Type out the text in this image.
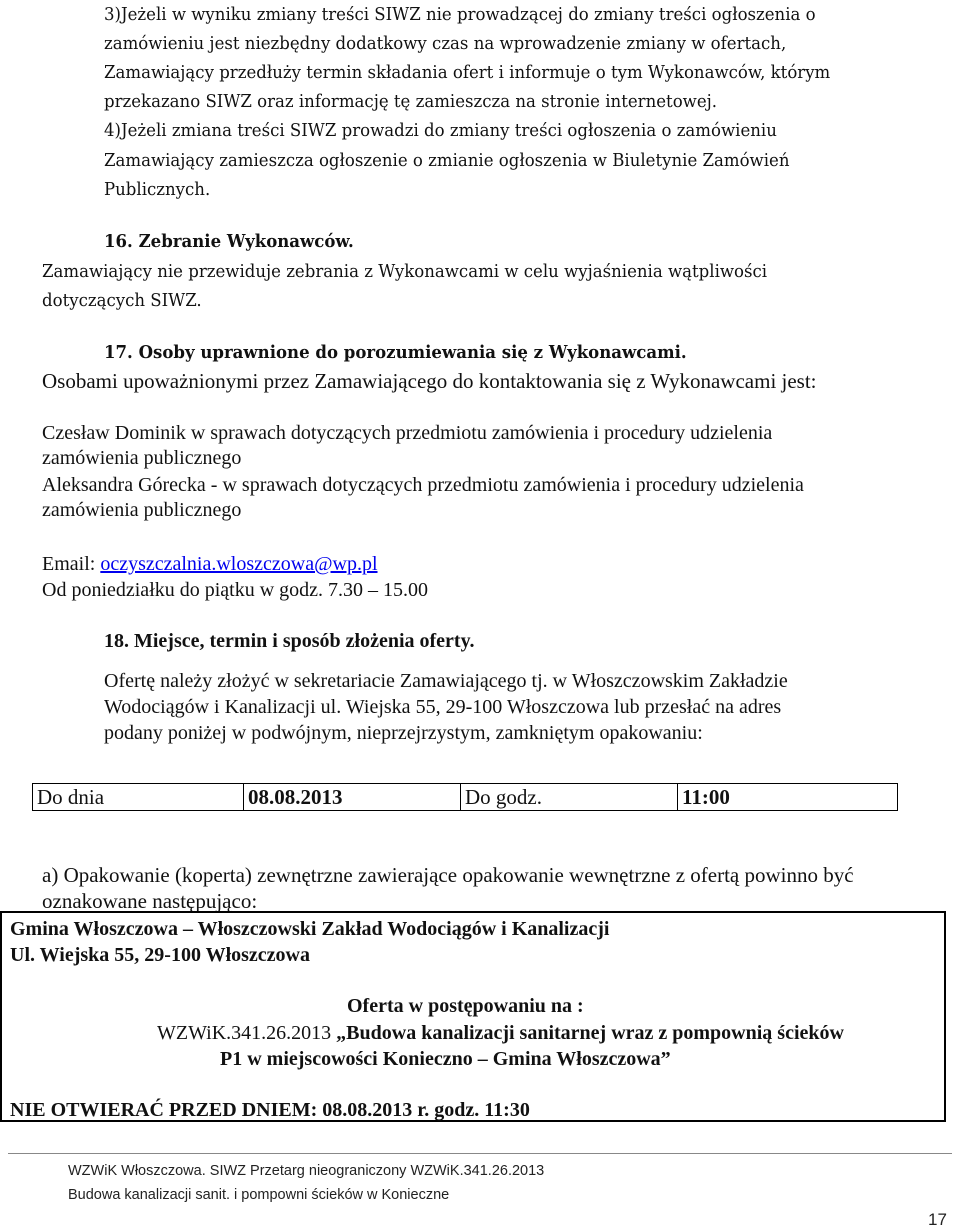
3)Jeżeli w wyniku zmiany treści SIWZ nie prowadzącej do zmiany treści ogłoszenia o
zamówieniu jest niezbędny dodatkowy czas na wprowadzenie zmiany w ofertach,
Zamawiający przedłuży termin składania ofert i informuje o tym Wykonawców, którym
przekazano SIWZ oraz informację tę zamieszcza na stronie internetowej.
4)Jeżeli zmiana treści SIWZ prowadzi do zmiany treści ogłoszenia o zamówieniu
Zamawiający zamieszcza ogłoszenie o zmianie ogłoszenia w Biuletynie Zamówień
Publicznych.
16. Zebranie Wykonawców.
Zamawiający nie przewiduje zebrania z Wykonawcami w celu wyjaśnienia wątpliwości
dotyczących SIWZ.
17. Osoby uprawnione do porozumiewania się z Wykonawcami.
Osobami upoważnionymi przez Zamawiającego do kontaktowania się z Wykonawcami jest:
Czesław Dominik w sprawach dotyczących przedmiotu zamówienia i procedury udzielenia
zamówienia publicznego
Aleksandra Górecka - w sprawach dotyczących przedmiotu zamówienia i procedury udzielenia
zamówienia publicznego
Email: oczyszczalnia.wloszczowa@wp.pl
Od poniedziałku do piątku w godz. 7.30 – 15.00
18. Miejsce, termin i sposób złożenia oferty.
Ofertę należy złożyć w sekretariacie Zamawiającego tj. w Włoszczowskim Zakładzie
Wodociągów i Kanalizacji ul. Wiejska 55, 29-100 Włoszczowa lub przesłać na adres
podany poniżej w podwójnym, nieprzejrzystym, zamkniętym opakowaniu:
Do dnia	08.08.2013	Do godz.	11:00
a) Opakowanie (koperta) zewnętrzne zawierające opakowanie wewnętrzne z ofertą powinno być
oznakowane następująco:
Gmina Włoszczowa – Włoszczowski Zakład Wodociągów i Kanalizacji
Ul. Wiejska 55, 29-100 Włoszczowa
Oferta w postępowaniu na :
WZWiK.341.26.2013 „Budowa kanalizacji sanitarnej wraz z pompownią ścieków
P1 w miejscowości Konieczno – Gmina Włoszczowa”
NIE OTWIERAĆ PRZED DNIEM: 08.08.2013 r. godz. 11:30
WZWiK Włoszczowa. SIWZ Przetarg nieograniczony WZWiK.341.26.2013
Budowa kanalizacji sanit. i pompowni ścieków w Konieczne
17
